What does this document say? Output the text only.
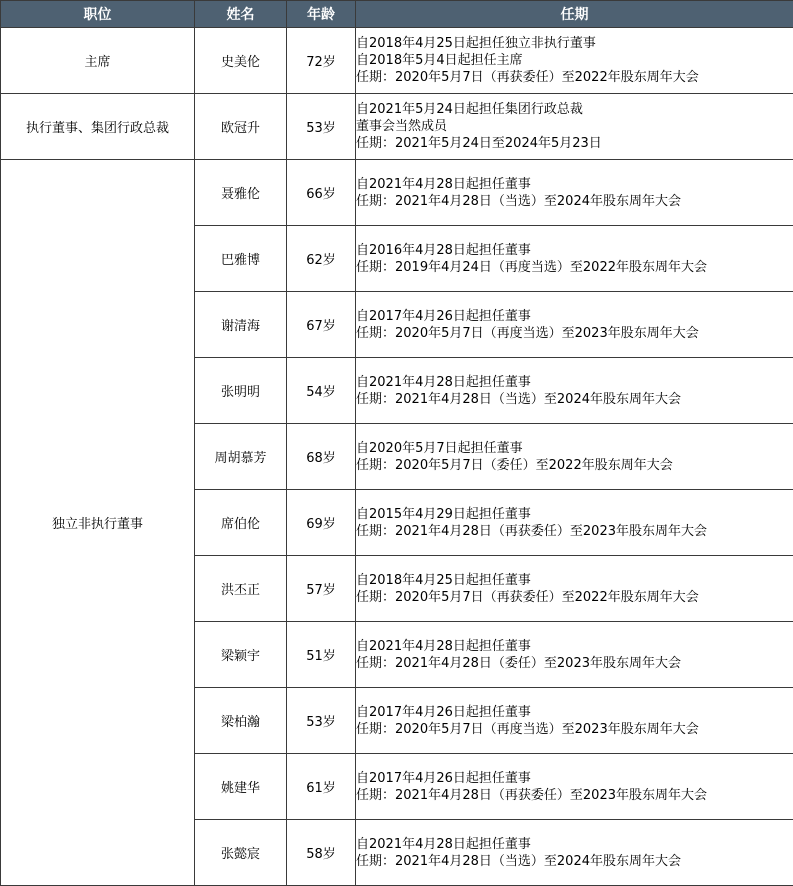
职位	姓名	年龄	任期
主席	史美伦	72岁	自2018年4月25日起担任独立非执行董事
自2018年5月4日起担任主席
任期：2020年5月7日（再获委任）至2022年股东周年大会

执行董事、集团行政总裁	欧冠升	53岁	自2021年5月24日起担任集团行政总裁
董事会当然成员
任期：2021年5月24日至2024年5月23日

独立非执行董事	聂雅伦	66岁	自2021年4月28日起担任董事
任期：2021年4月28日（当选）至2024年股东周年大会

	巴雅博	62岁	自2016年4月28日起担任董事
任期：2019年4月24日（再度当选）至2022年股东周年大会

	谢清海	67岁	自2017年4月26日起担任董事
任期：2020年5月7日（再度当选）至2023年股东周年大会

	张明明	54岁	自2021年4月28日起担任董事
任期：2021年4月28日（当选）至2024年股东周年大会

	周胡慕芳	68岁	自2020年5月7日起担任董事
任期：2020年5月7日（委任）至2022年股东周年大会

	席伯伦	69岁	自2015年4月29日起担任董事
任期：2021年4月28日（再获委任）至2023年股东周年大会

	洪丕正	57岁	自2018年4月25日起担任董事
任期：2020年5月7日（再获委任）至2022年股东周年大会

	梁颖宇	51岁	自2021年4月28日起担任董事
任期：2021年4月28日（委任）至2023年股东周年大会

	梁柏瀚	53岁	自2017年4月26日起担任董事
任期：2020年5月7日（再度当选）至2023年股东周年大会

	姚建华	61岁	自2017年4月26日起担任董事
任期：2021年4月28日（再获委任）至2023年股东周年大会

	张懿宸	58岁	自2021年4月28日起担任董事
任期：2021年4月28日（当选）至2024年股东周年大会
